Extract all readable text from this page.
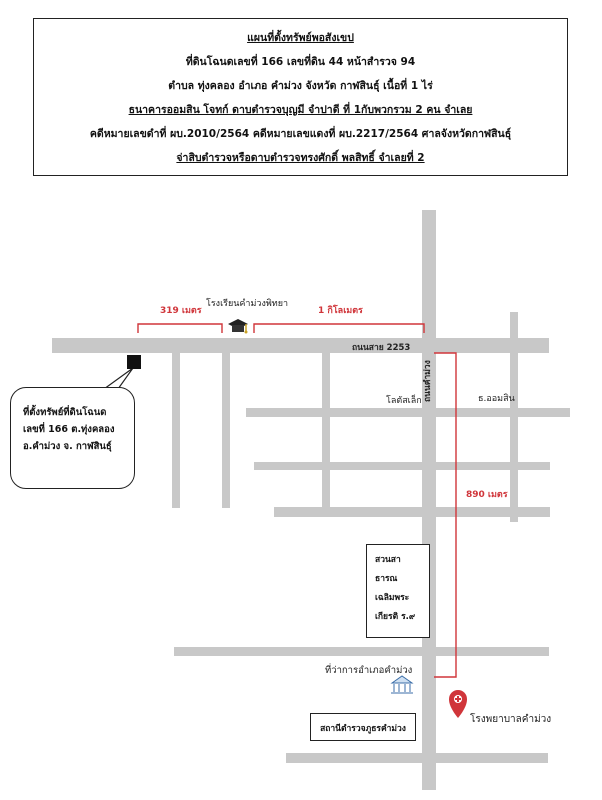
แผนที่ตั้งทรัพย์พอสังเขป
ที่ดินโฉนดเลขที่ 166 เลขที่ดิน 44 หน้าสำรวจ 94
ตำบล ทุ่งคลอง อำเภอ คำม่วง จังหวัด กาฬสินธุ์ เนื้อที่ 1 ไร่
ธนาคารออมสิน โจทก์ ดาบตำรวจบุญมี จำปาดี ที่ 1กับพวกรวม 2 คน จำเลย
คดีหมายเลขดำที่ ผบ.2010/2564 คดีหมายเลขแดงที่ ผบ.2217/2564 ศาลจังหวัดกาฬสินธุ์
จ่าสิบตำรวจหรือดาบตำรวจทรงศักดิ์ พลสิทธิ์ จำเลยที่ 2
โรงเรียนคำม่วงพิทยา
319 เมตร	1 กิโลเมตร
ถนนสาย 2253
ถนนคำม่วง
890 เมตร
โลตัสเล็ก	ธ.ออมสิน
สวนสา
ธารณ
เฉลิมพระ
เกียรติ ร.๙
ที่ว่าการอำเภอคำม่วง
โรงพยาบาลคำม่วง
สถานีตำรวจภูธรคำม่วง
ที่ตั้งทรัพย์ที่ดินโฉนด
เลขที่ 166 ต.ทุ่งคลอง
อ.คำม่วง จ. กาฬสินธุ์
